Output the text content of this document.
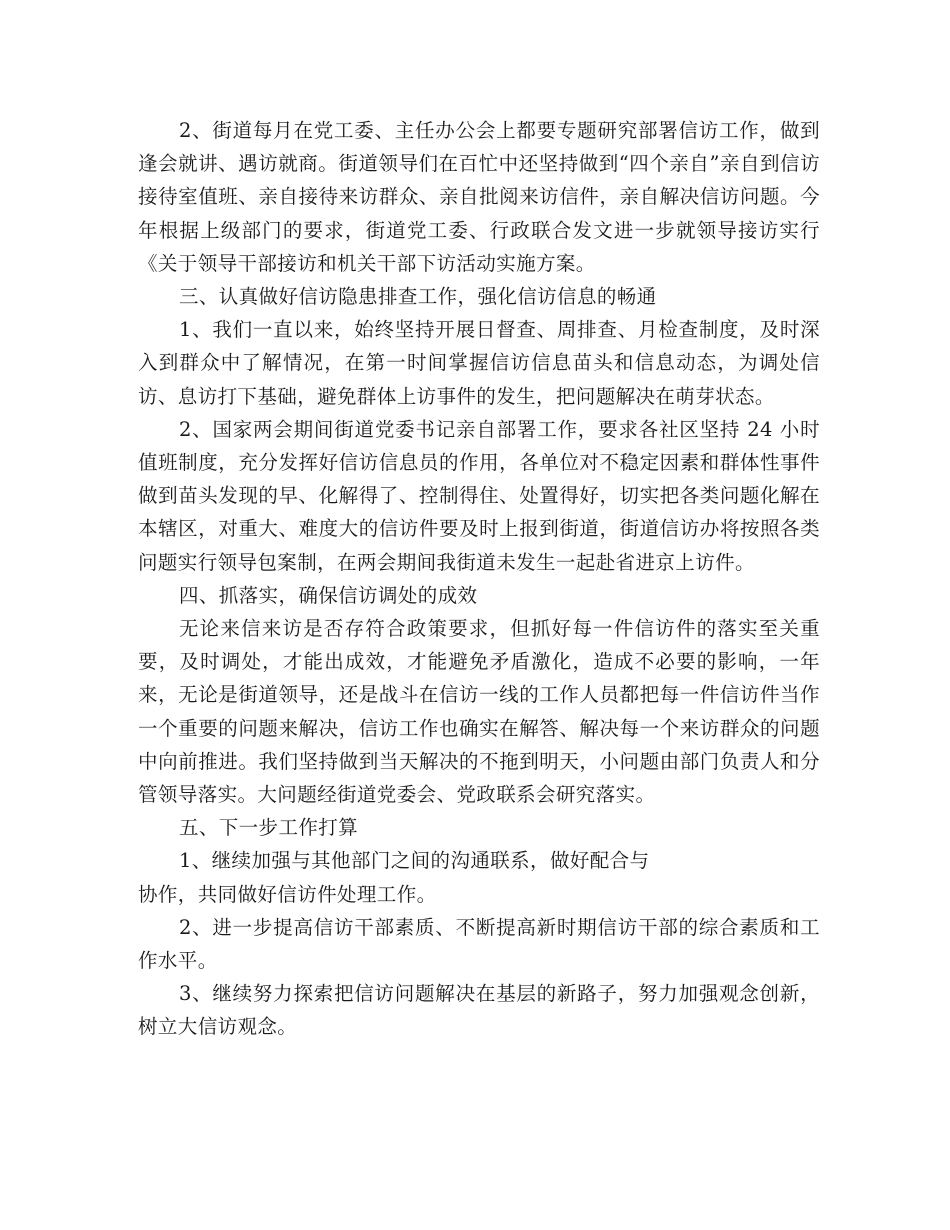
2、街道每月在党工委、主任办公会上都要专题研究部署信访工作，做到逢会就讲、遇访就商。街道领导们在百忙中还坚持做到“四个亲自”亲自到信访接待室值班、亲自接待来访群众、亲自批阅来访信件，亲自解决信访问题。今年根据上级部门的要求，街道党工委、行政联合发文进一步就领导接访实行《关于领导干部接访和机关干部下访活动实施方案。

三、认真做好信访隐患排查工作，强化信访信息的畅通

1、我们一直以来，始终坚持开展日督查、周排查、月检查制度，及时深入到群众中了解情况，在第一时间掌握信访信息苗头和信息动态，为调处信访、息访打下基础，避免群体上访事件的发生，把问题解决在萌芽状态。

2、国家两会期间街道党委书记亲自部署工作，要求各社区坚持 24 小时值班制度，充分发挥好信访信息员的作用，各单位对不稳定因素和群体性事件做到苗头发现的早、化解得了、控制得住、处置得好，切实把各类问题化解在本辖区，对重大、难度大的信访件要及时上报到街道，街道信访办将按照各类问题实行领导包案制，在两会期间我街道未发生一起赴省进京上访件。

四、抓落实，确保信访调处的成效

无论来信来访是否存符合政策要求，但抓好每一件信访件的落实至关重要，及时调处，才能出成效，才能避免矛盾激化，造成不必要的影响，一年来，无论是街道领导，还是战斗在信访一线的工作人员都把每一件信访件当作一个重要的问题来解决，信访工作也确实在解答、解决每一个来访群众的问题中向前推进。我们坚持做到当天解决的不拖到明天，小问题由部门负责人和分管领导落实。大问题经街道党委会、党政联系会研究落实。

五、下一步工作打算

1、继续加强与其他部门之间的沟通联系，做好配合与

协作，共同做好信访件处理工作。

2、进一步提高信访干部素质、不断提高新时期信访干部的综合素质和工作水平。

3、继续努力探索把信访问题解决在基层的新路子，努力加强观念创新，树立大信访观念。
